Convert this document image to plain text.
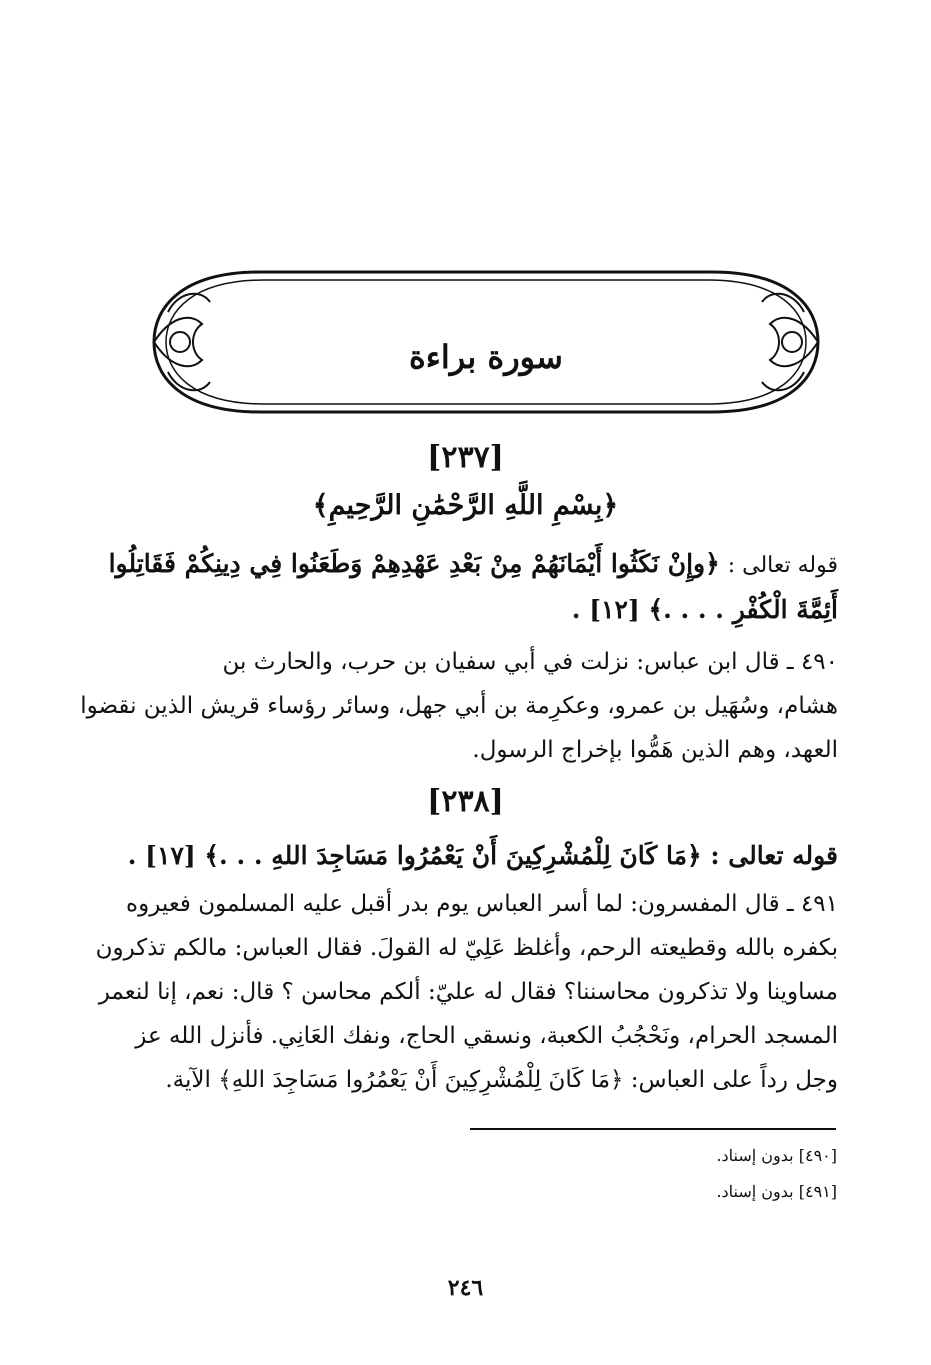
سورة براءة
[٢٣٧]
﴿بِسْمِ اللَّهِ الرَّحْمَٰنِ الرَّحِيمِ﴾
قوله تعالى : ﴿وإِنْ نَكَثُوا أَيْمَانَهُمْ مِنْ بَعْدِ عَهْدِهِمْ وَطَعَنُوا فِي دِينِكُمْ فَقَاتِلُوا
أَئِمَّةَ الْكُفْرِ . . . .﴾ [١٢] .
٤٩٠ ـ قال ابن عباس: نزلت في أبي سفيان بن حرب، والحارث بن
هشام، وسُهَيل بن عمرو، وعكرِمة بن أبي جهل، وسائر رؤساء قريش الذين نقضوا
العهد، وهم الذين هَمُّوا بإخراج الرسول.
[٢٣٨]
قوله تعالى : ﴿مَا كَانَ لِلْمُشْرِكِينَ أَنْ يَعْمُرُوا مَسَاجِدَ اللهِ . . .﴾ [١٧] .
٤٩١ ـ قال المفسرون: لما أسر العباس يوم بدر أقبل عليه المسلمون فعيروه
بكفره بالله وقطيعته الرحم، وأغلظ عَلِيّ له القولَ. فقال العباس: مالكم تذكرون
مساوينا ولا تذكرون محاسننا؟ فقال له عليّ: ألكم محاسن ؟ قال: نعم، إنا لنعمر
المسجد الحرام، ونَحْجُبُ الكعبة، ونسقي الحاج، ونفك العَانِي. فأنزل الله عز
وجل رداً على العباس: ﴿مَا كَانَ لِلْمُشْرِكِينَ أَنْ يَعْمُرُوا مَسَاجِدَ اللهِ﴾ الآية.
[٤٩٠] بدون إسناد.
[٤٩١] بدون إسناد.
٢٤٦
